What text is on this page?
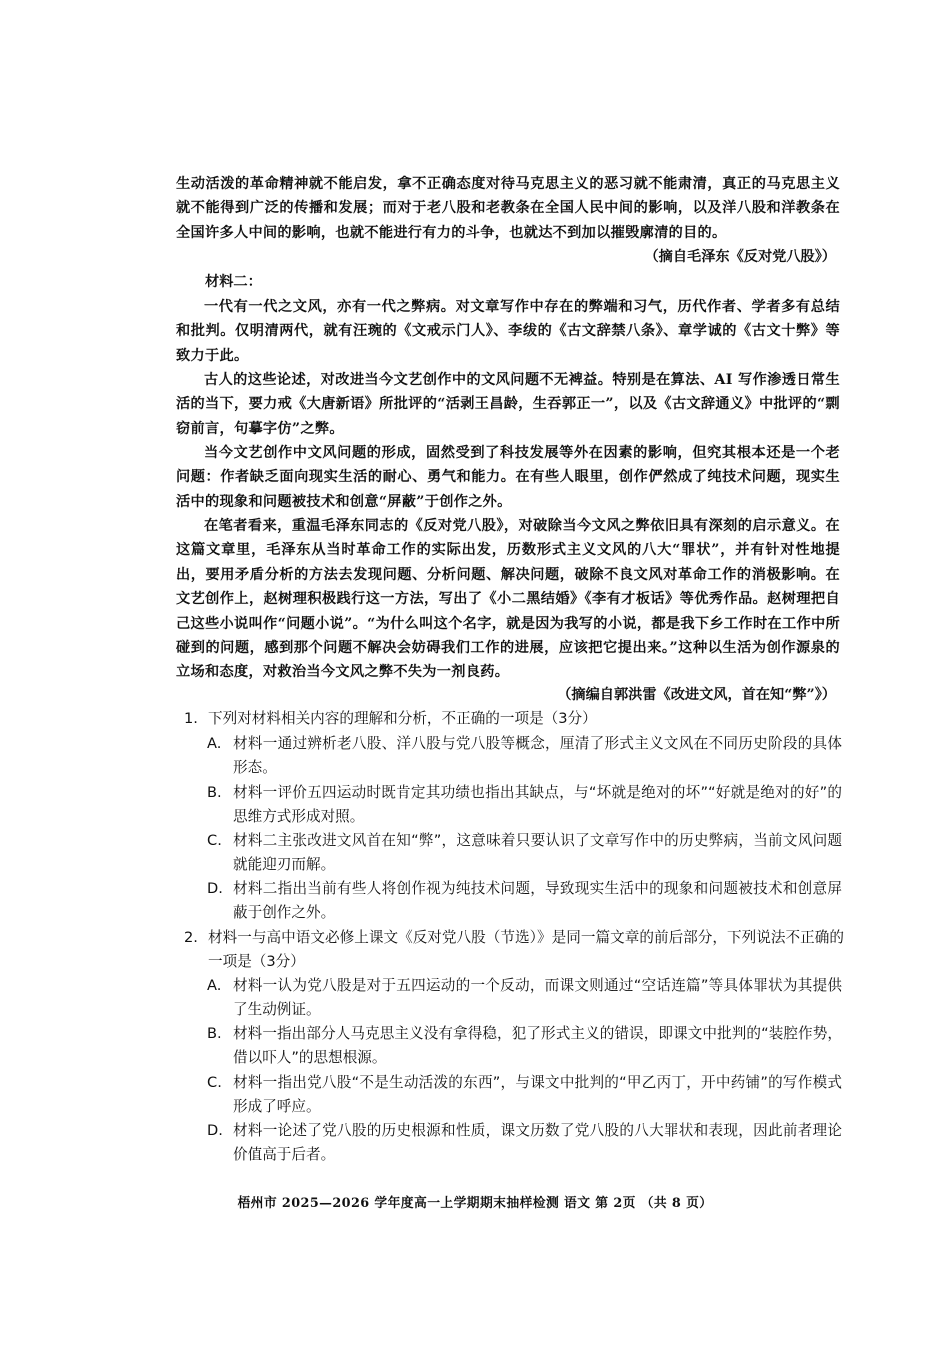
生动活泼的革命精神就不能启发，拿不正确态度对待马克思主义的恶习就不能肃清，真正的马克思主义就不能得到广泛的传播和发展；而对于老八股和老教条在全国人民中间的影响，以及洋八股和洋教条在全国许多人中间的影响，也就不能进行有力的斗争，也就达不到加以摧毁廓清的目的。

（摘自毛泽东《反对党八股》）

材料二：

一代有一代之文风，亦有一代之弊病。对文章写作中存在的弊端和习气，历代作者、学者多有总结和批判。仅明清两代，就有汪琬的《文戒示门人》、李绂的《古文辞禁八条》、章学诚的《古文十弊》等致力于此。

古人的这些论述，对改进当今文艺创作中的文风问题不无裨益。特别是在算法、AI 写作渗透日常生活的当下，要力戒《大唐新语》所批评的“活剥王昌龄，生吞郭正一”，以及《古文辞通义》中批评的“剽窃前言，句摹字仿”之弊。

当今文艺创作中文风问题的形成，固然受到了科技发展等外在因素的影响，但究其根本还是一个老问题：作者缺乏面向现实生活的耐心、勇气和能力。在有些人眼里，创作俨然成了纯技术问题，现实生活中的现象和问题被技术和创意“屏蔽”于创作之外。

在笔者看来，重温毛泽东同志的《反对党八股》，对破除当今文风之弊依旧具有深刻的启示意义。在这篇文章里，毛泽东从当时革命工作的实际出发，历数形式主义文风的八大“罪状”，并有针对性地提出，要用矛盾分析的方法去发现问题、分析问题、解决问题，破除不良文风对革命工作的消极影响。在文艺创作上，赵树理积极践行这一方法，写出了《小二黑结婚》《李有才板话》等优秀作品。赵树理把自己这些小说叫作“问题小说”。“为什么叫这个名字，就是因为我写的小说，都是我下乡工作时在工作中所碰到的问题，感到那个问题不解决会妨碍我们工作的进展，应该把它提出来。”这种以生活为创作源泉的立场和态度，对救治当今文风之弊不失为一剂良药。

（摘编自郭洪雷《改进文风，首在知“弊”》）

1. 下列对材料相关内容的理解和分析，不正确的一项是（3分）
A. 材料一通过辨析老八股、洋八股与党八股等概念，厘清了形式主义文风在不同历史阶段的具体形态。
B. 材料一评价五四运动时既肯定其功绩也指出其缺点，与“坏就是绝对的坏”“好就是绝对的好”的思维方式形成对照。
C. 材料二主张改进文风首在知“弊”，这意味着只要认识了文章写作中的历史弊病，当前文风问题就能迎刃而解。
D. 材料二指出当前有些人将创作视为纯技术问题，导致现实生活中的现象和问题被技术和创意屏蔽于创作之外。
2. 材料一与高中语文必修上课文《反对党八股（节选）》是同一篇文章的前后部分，下列说法不正确的一项是（3分）
A. 材料一认为党八股是对于五四运动的一个反动，而课文则通过“空话连篇”等具体罪状为其提供了生动例证。
B. 材料一指出部分人马克思主义没有拿得稳，犯了形式主义的错误，即课文中批判的“装腔作势，借以吓人”的思想根源。
C. 材料一指出党八股“不是生动活泼的东西”，与课文中批判的“甲乙丙丁，开中药铺”的写作模式形成了呼应。
D. 材料一论述了党八股的历史根源和性质，课文历数了党八股的八大罪状和表现，因此前者理论价值高于后者。
梧州市 2025—2026 学年度高一上学期期末抽样检测 语文 第 2页 （共 8 页）
